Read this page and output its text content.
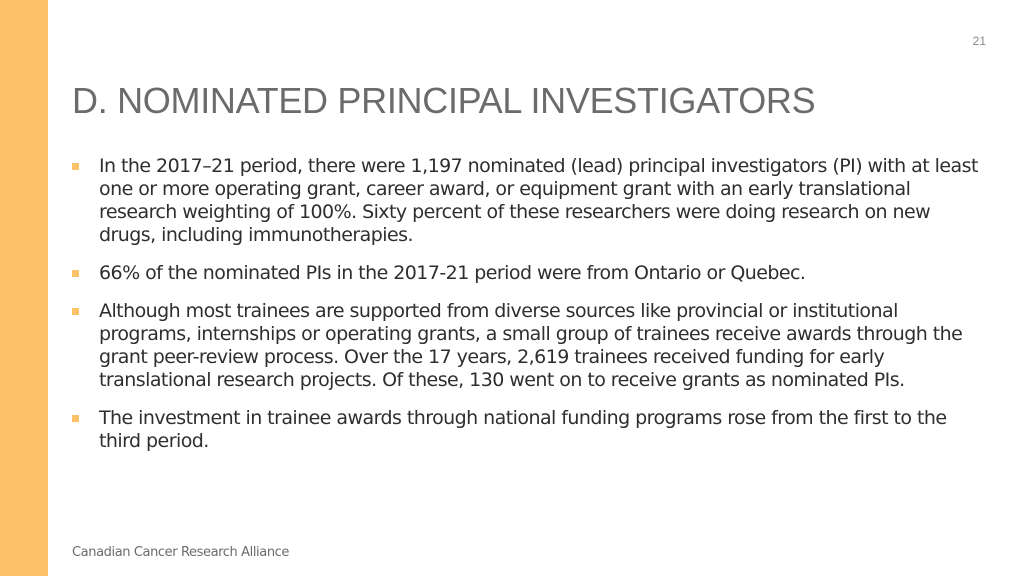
21
D. NOMINATED PRINCIPAL INVESTIGATORS
In the 2017–21 period, there were 1,197 nominated (lead) principal investigators (PI) with at least one or more operating grant, career award, or equipment grant with an early translational research weighting of 100%. Sixty percent of these researchers were doing research on new drugs, including immunotherapies.
66% of the nominated PIs in the 2017-21 period were from Ontario or Quebec.
Although most trainees are supported from diverse sources like provincial or institutional programs, internships or operating grants, a small group of trainees receive awards through the grant peer-review process. Over the 17 years, 2,619 trainees received funding for early translational research projects. Of these, 130 went on to receive grants as nominated PIs.
The investment in trainee awards through national funding programs rose from the first to the third period.
Canadian Cancer Research Alliance
